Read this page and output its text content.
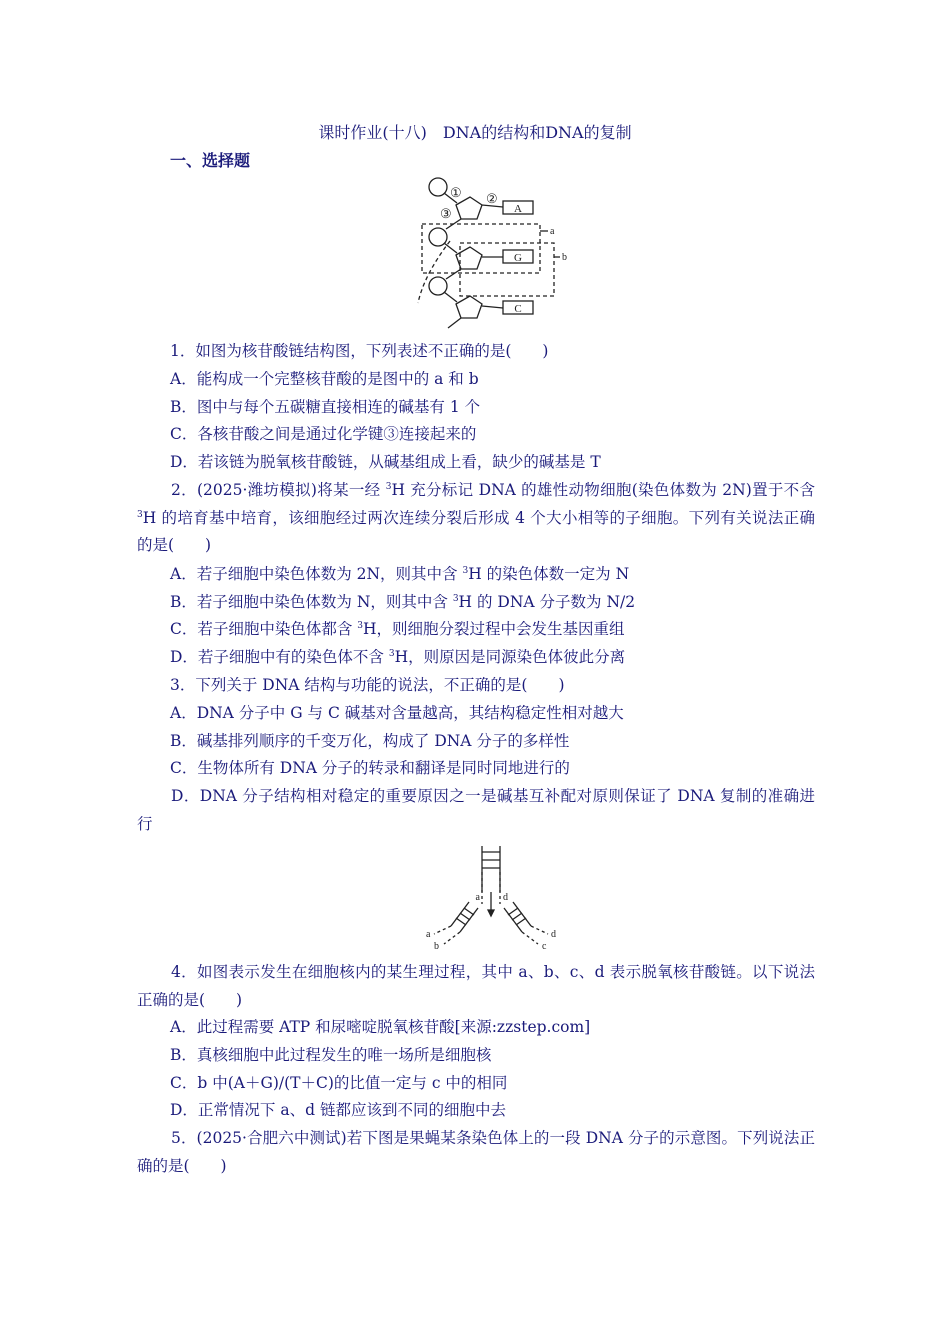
课时作业(十八)　DNA的结构和DNA的复制
一、选择题
① ②
③	A
G
C
a
b
1．如图为核苷酸链结构图，下列表述不正确的是(　　)
A．能构成一个完整核苷酸的是图中的 a 和 b
B．图中与每个五碳糖直接相连的碱基有 1 个
C．各核苷酸之间是通过化学键③连接起来的
D．若该链为脱氧核苷酸链，从碱基组成上看，缺少的碱基是 T

2．(2025·潍坊模拟)将某一经 $^3$H 充分标记 DNA 的雄性动物细胞(染色体数为 2N)置于不含 $^3$H 的培育基中培育，该细胞经过两次连续分裂后形成 4 个大小相等的子细胞。下列有关说法正确的是(　　)

A．若子细胞中染色体数为 2N，则其中含 $^3$H 的染色体数一定为 N
B．若子细胞中染色体数为 N，则其中含 $^3$H 的 DNA 分子数为 N/2
C．若子细胞中染色体都含 $^3$H，则细胞分裂过程中会发生基因重组
D．若子细胞中有的染色体不含 $^3$H，则原因是同源染色体彼此分离
3．下列关于 DNA 结构与功能的说法，不正确的是(　　)
A．DNA 分子中 G 与 C 碱基对含量越高，其结构稳定性相对越大
B．碱基排列顺序的千变万化，构成了 DNA 分子的多样性
C．生物体所有 DNA 分子的转录和翻译是同时同地进行的

D．DNA 分子结构相对稳定的重要原因之一是碱基互补配对原则保证了 DNA 复制的准确进行

a d
a
b
d
c

4．如图表示发生在细胞核内的某生理过程，其中 a、b、c、d 表示脱氧核苷酸链。以下说法正确的是(　　)

A．此过程需要 ATP 和尿嘧啶脱氧核苷酸[来源:zzstep.com]
B．真核细胞中此过程发生的唯一场所是细胞核
C．b 中(A＋G)/(T＋C)的比值一定与 c 中的相同
D．正常情况下 a、d 链都应该到不同的细胞中去

5．(2025·合肥六中测试)若下图是果蝇某条染色体上的一段 DNA 分子的示意图。下列说法正确的是(　　)
